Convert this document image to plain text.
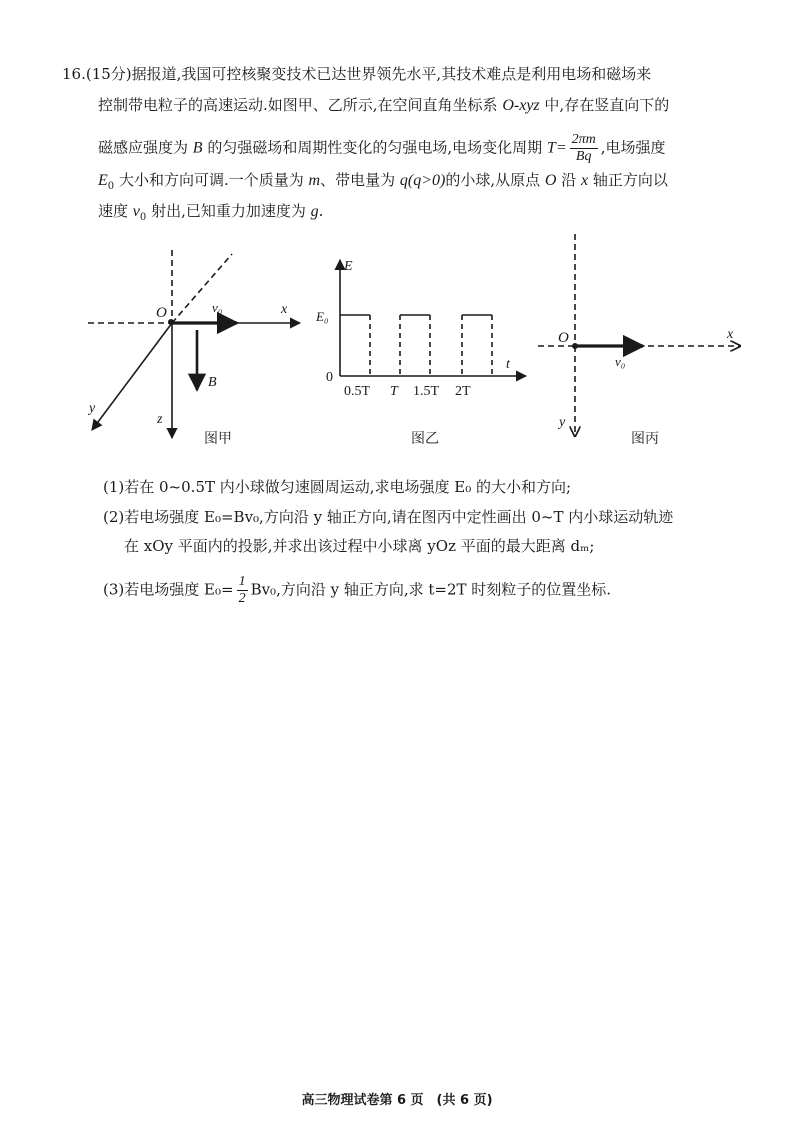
16.(15分)据报道,我国可控核聚变技术已达世界领先水平,其技术难点是利用电场和磁场来
控制带电粒子的高速运动.如图甲、乙所示,在空间直角坐标系 O-xyz 中,存在竖直向下的
磁感应强度为 B 的匀强磁场和周期性变化的匀强电场,电场变化周期 $T= \frac{2\pi m}{Bq}$ ,电场强度
$E_0$ 大小和方向可调.一个质量为 m、带电量为 q(q>0)的小球,从原点 O 沿 x 轴正方向以
速度 $v_0$ 射出,已知重力加速度为 g.
O	v₀	x
y
z
B
图甲
E
E₀
0
t
0.5T T 1.5T 2T
图乙
O	x
y
v₀
图丙
(1)若在 0~0.5T 内小球做匀速圆周运动,求电场强度 E₀ 的大小和方向;
(2)若电场强度 E₀=Bv₀,方向沿 y 轴正方向,请在图丙中定性画出 0~T 内小球运动轨迹
在 xOy 平面内的投影,并求出该过程中小球离 yOz 平面的最大距离 dₘ;
(3)若电场强度 $E_0= \frac{1}{2} Bv_0$,方向沿 y 轴正方向,求 t=2T 时刻粒子的位置坐标.
高三物理试卷第 6 页　(共 6 页)
